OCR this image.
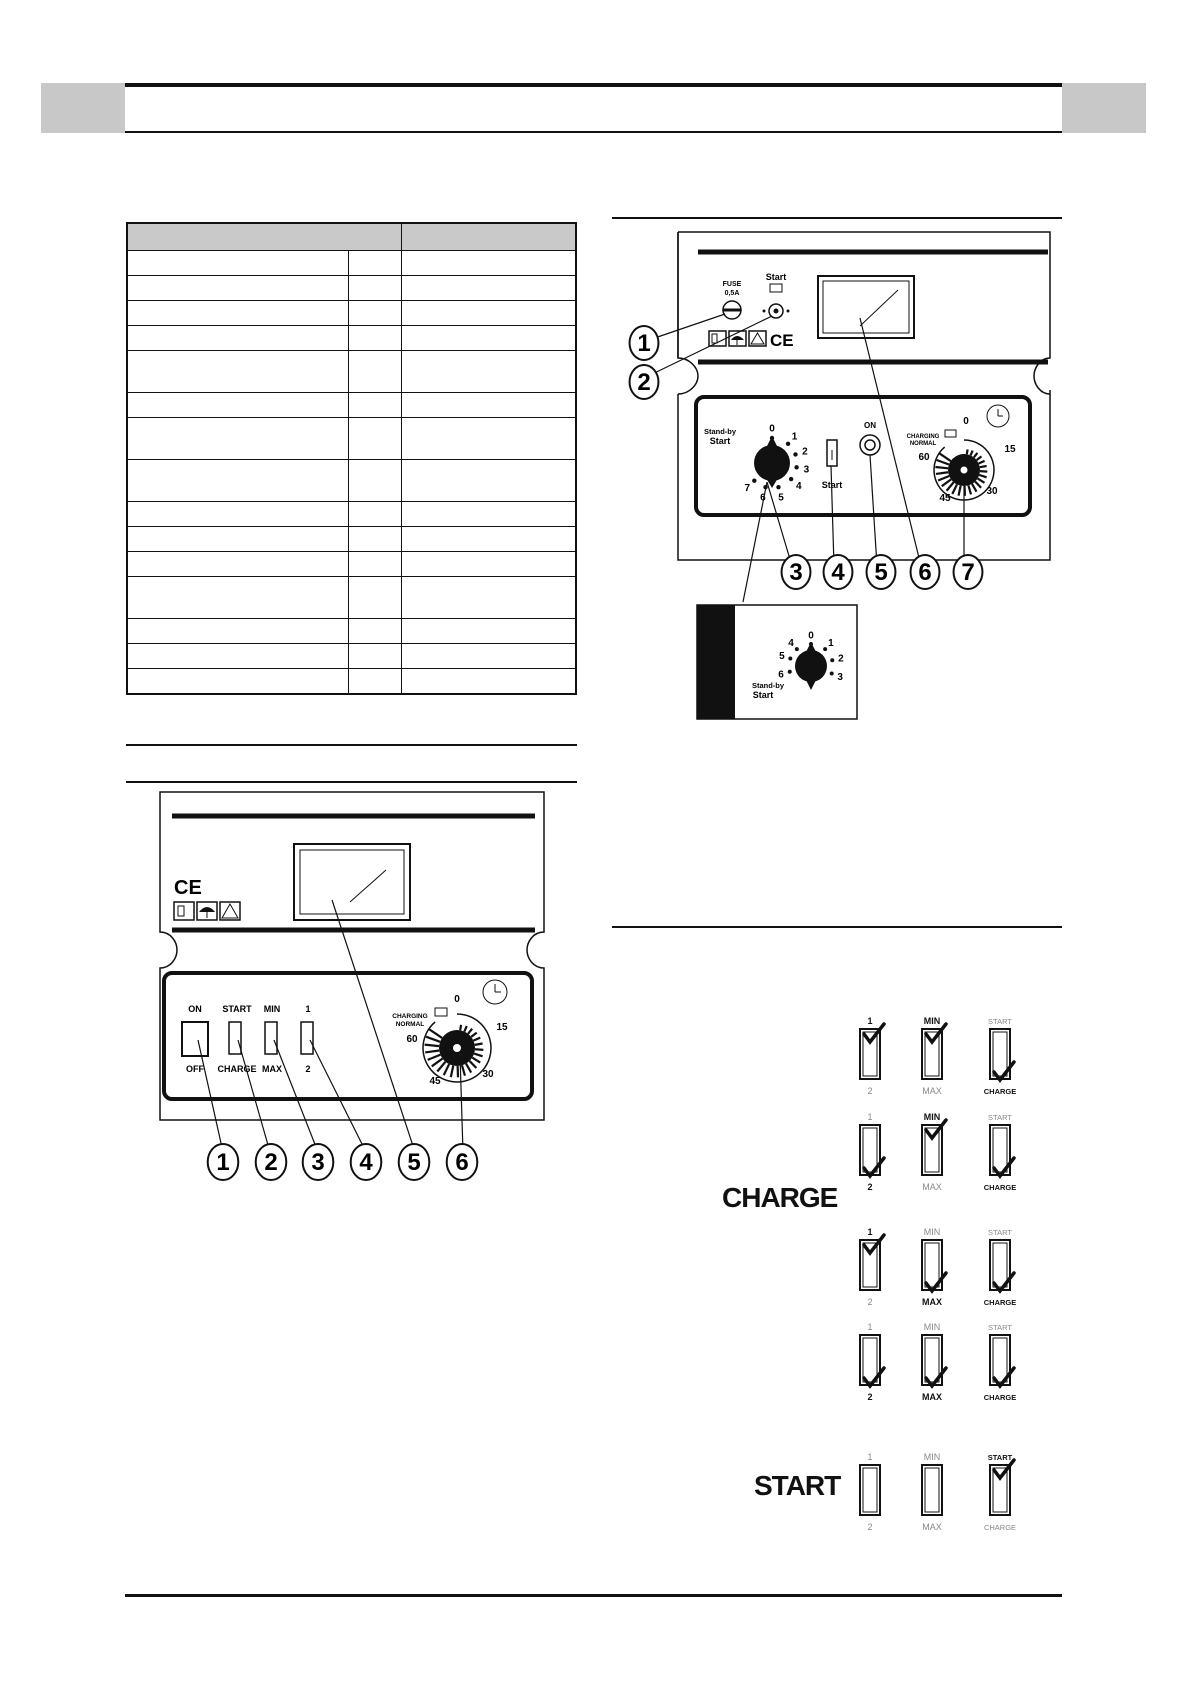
FUSE
0,5A
Start
CE
Stand-by
Start
0
1
2
3
4
5
6
7	Start
ON
CHARGING
NORMAL
0
15
30
45
60
1
2
3 4 5 6 7
0
1
2
3
4
5
6
Stand-by
Start
CE
ON
OFF
START
CHARGE
MIN
MAX
1
2
CHARGING
NORMAL
0
15
30
45
60
1 2 3 4 5 6
CHARGE
START
1
2
MIN
MAX
START
CHARGE
1
2
MIN
MAX
START
CHARGE
1
2
MIN
MAX
START
CHARGE
1
2
MIN
MAX
START
CHARGE
1
2
MIN
MAX
START
CHARGE
